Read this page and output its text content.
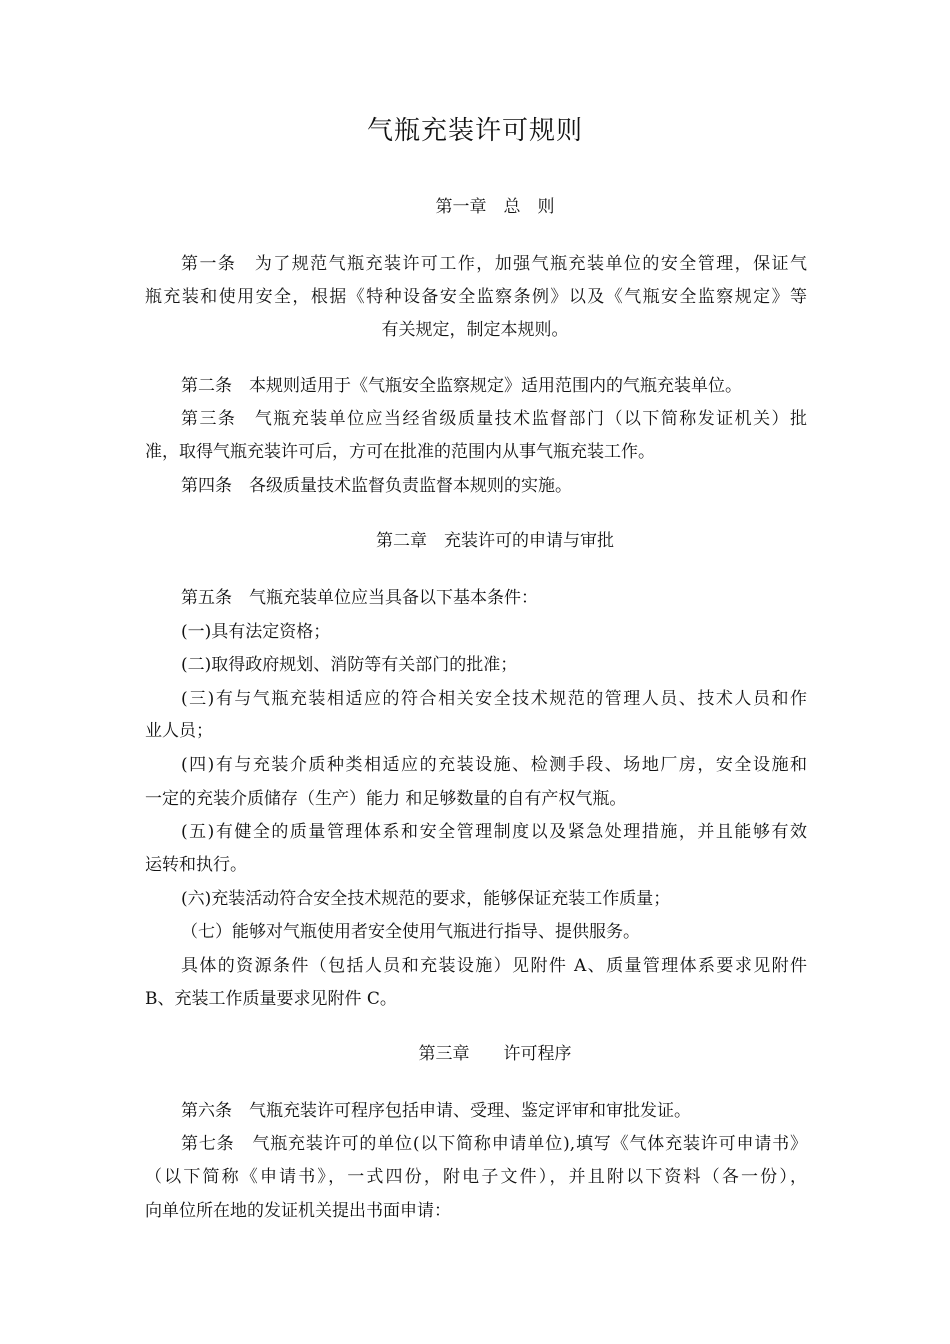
气瓶充装许可规则
第一章　总　则
第一条　为了规范气瓶充装许可工作，加强气瓶充装单位的安全管理，保证气
瓶充装和使用安全，根据《特种设备安全监察条例》以及《气瓶安全监察规定》等
有关规定，制定本规则。
第二条　本规则适用于《气瓶安全监察规定》适用范围内的气瓶充装单位。
第三条　气瓶充装单位应当经省级质量技术监督部门（以下简称发证机关）批
准，取得气瓶充装许可后，方可在批准的范围内从事气瓶充装工作。
第四条　各级质量技术监督负责监督本规则的实施。
第二章　充装许可的申请与审批
第五条　气瓶充装单位应当具备以下基本条件：
(一)具有法定资格；
(二)取得政府规划、消防等有关部门的批准；
(三)有与气瓶充装相适应的符合相关安全技术规范的管理人员、技术人员和作
业人员；
(四)有与充装介质种类相适应的充装设施、检测手段、场地厂房，安全设施和
一定的充装介质储存（生产）能力 和足够数量的自有产权气瓶。
(五)有健全的质量管理体系和安全管理制度以及紧急处理措施，并且能够有效
运转和执行。
(六)充装活动符合安全技术规范的要求，能够保证充装工作质量；
（七）能够对气瓶使用者安全使用气瓶进行指导、提供服务。
具体的资源条件（包括人员和充装设施）见附件 A、质量管理体系要求见附件
B、充装工作质量要求见附件 C。
第三章　　许可程序
第六条　气瓶充装许可程序包括申请、受理、鉴定评审和审批发证。
第七条　气瓶充装许可的单位(以下简称申请单位),填写《气体充装许可申请书》
（以下简称《申请书》，一式四份，附电子文件），并且附以下资料（各一份），
向单位所在地的发证机关提出书面申请：
